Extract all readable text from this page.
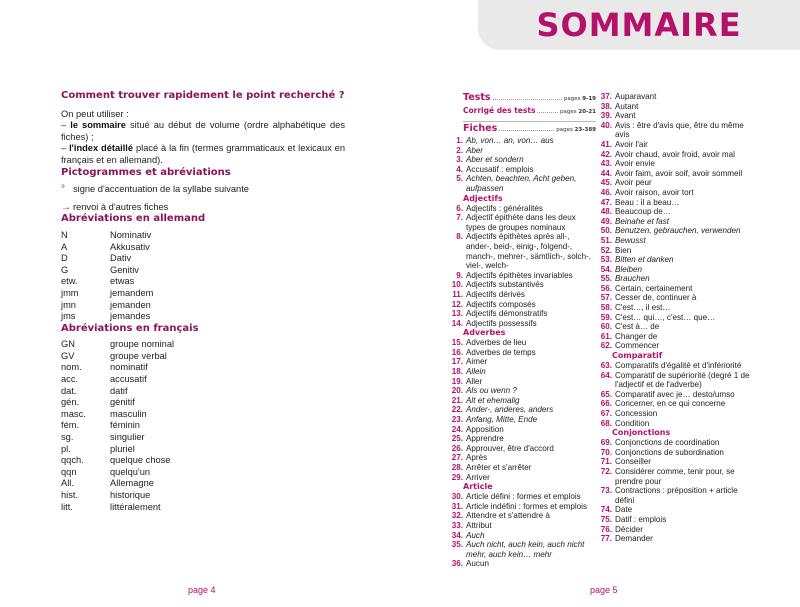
SOMMAIRE
Comment trouver rapidement le point recherché ?

On peut utiliser :

– le sommaire situé au début de volume (ordre alphabétique des fiches) ;

– l'index détaillé placé à la fin (termes grammaticaux et lexicaux en français et en allemand).

Pictogrammes et abréviations
° signe d'accentuation de la syllabe suivante
→ renvoi à d'autres fiches
Abréviations en allemand
N	Nominativ
A	Akkusativ
D	Dativ
G	Genitiv
etw.	etwas
jmm	jemandem
jmn	jemanden
jms	jemandes
Abréviations en français
GN	groupe nominal
GV	groupe verbal
nom.	nominatif
acc.	accusatif
dat.	datif
gén.	génitif
masc.	masculin
fém.	féminin
sg.	singulier
pl.	pluriel
qqch.	quelque chose
qqn	quelqu'un
All.	Allemagne
hist.	historique
litt.	littéralement
page 4	page 5
Tests	pages 9-19
Corrigé des tests	pages 20-21
Fiches	pages 23-389
1. Ab, von… an, von… aus
2. Aber
3. Aber et sondern
4. Accusatif : emplois
5. Achten, beachten, Acht geben, aufpassen
Adjectifs
6. Adjectifs : généralités
7. Adjectif épithète dans les deux types de groupes nominaux
8. Adjectifs épithètes après all-, ander-, beid-, einig-, folgend-, manch-, mehrer-, sämtlich-, solch-, viel-, welch-
9. Adjectifs épithètes invariables
10. Adjectifs substantivés
11. Adjectifs dérivés
12. Adjectifs composés
13. Adjectifs démonstratifs
14. Adjectifs possessifs
Adverbes
15. Adverbes de lieu
16. Adverbes de temps
17. Aimer
18. Allein
19. Aller
20. Als ou wenn ?
21. Alt et ehemalig
22. Ander-, anderes, anders
23. Anfang, Mitte, Ende
24. Apposition
25. Apprendre
26. Approuver, être d'accord
27. Après
28. Arrêter et s'arrêter
29. Arriver
Article
30. Article défini : formes et emplois
31. Article indéfini : formes et emplois
32. Attendre et s'attendre à
33. Attribut
34. Auch
35. Auch nicht, auch kein, auch nicht mehr, auch kein… mehr
36. Aucun
37. Auparavant
38. Autant
39. Avant
40. Avis : être d'avis que, être du même avis
41. Avoir l'air
42. Avoir chaud, avoir froid, avoir mal
43. Avoir envie
44. Avoir faim, avoir soif, avoir sommeil
45. Avoir peur
46. Avoir raison, avoir tort
47. Beau : il a beau…
48. Beaucoup de…
49. Beinahe et fast
50. Benutzen, gebrauchen, verwenden
51. Bewusst
52. Bien
53. Bitten et danken
54. Bleiben
55. Brauchen
56. Certain, certainement
57. Cesser de, continuer à
58. C'est…, il est…
59. C'est… qui…, c'est… que…
60. C'est à… de
61. Changer de
62. Commencer
Comparatif
63. Comparatifs d'égalité et d'infériorité
64. Comparatif de supériorité (degré 1 de l'adjectif et de l'adverbe)
65. Comparatif avec je… desto/umso
66. Concerner, en ce qui concerne
67. Concession
68. Condition
Conjonctions
69. Conjonctions de coordination
70. Conjonctions de subordination
71. Conseiller
72. Considérer comme, tenir pour, se prendre pour
73. Contractions : préposition + article défini
74. Date
75. Datif : emplois
76. Décider
77. Demander
